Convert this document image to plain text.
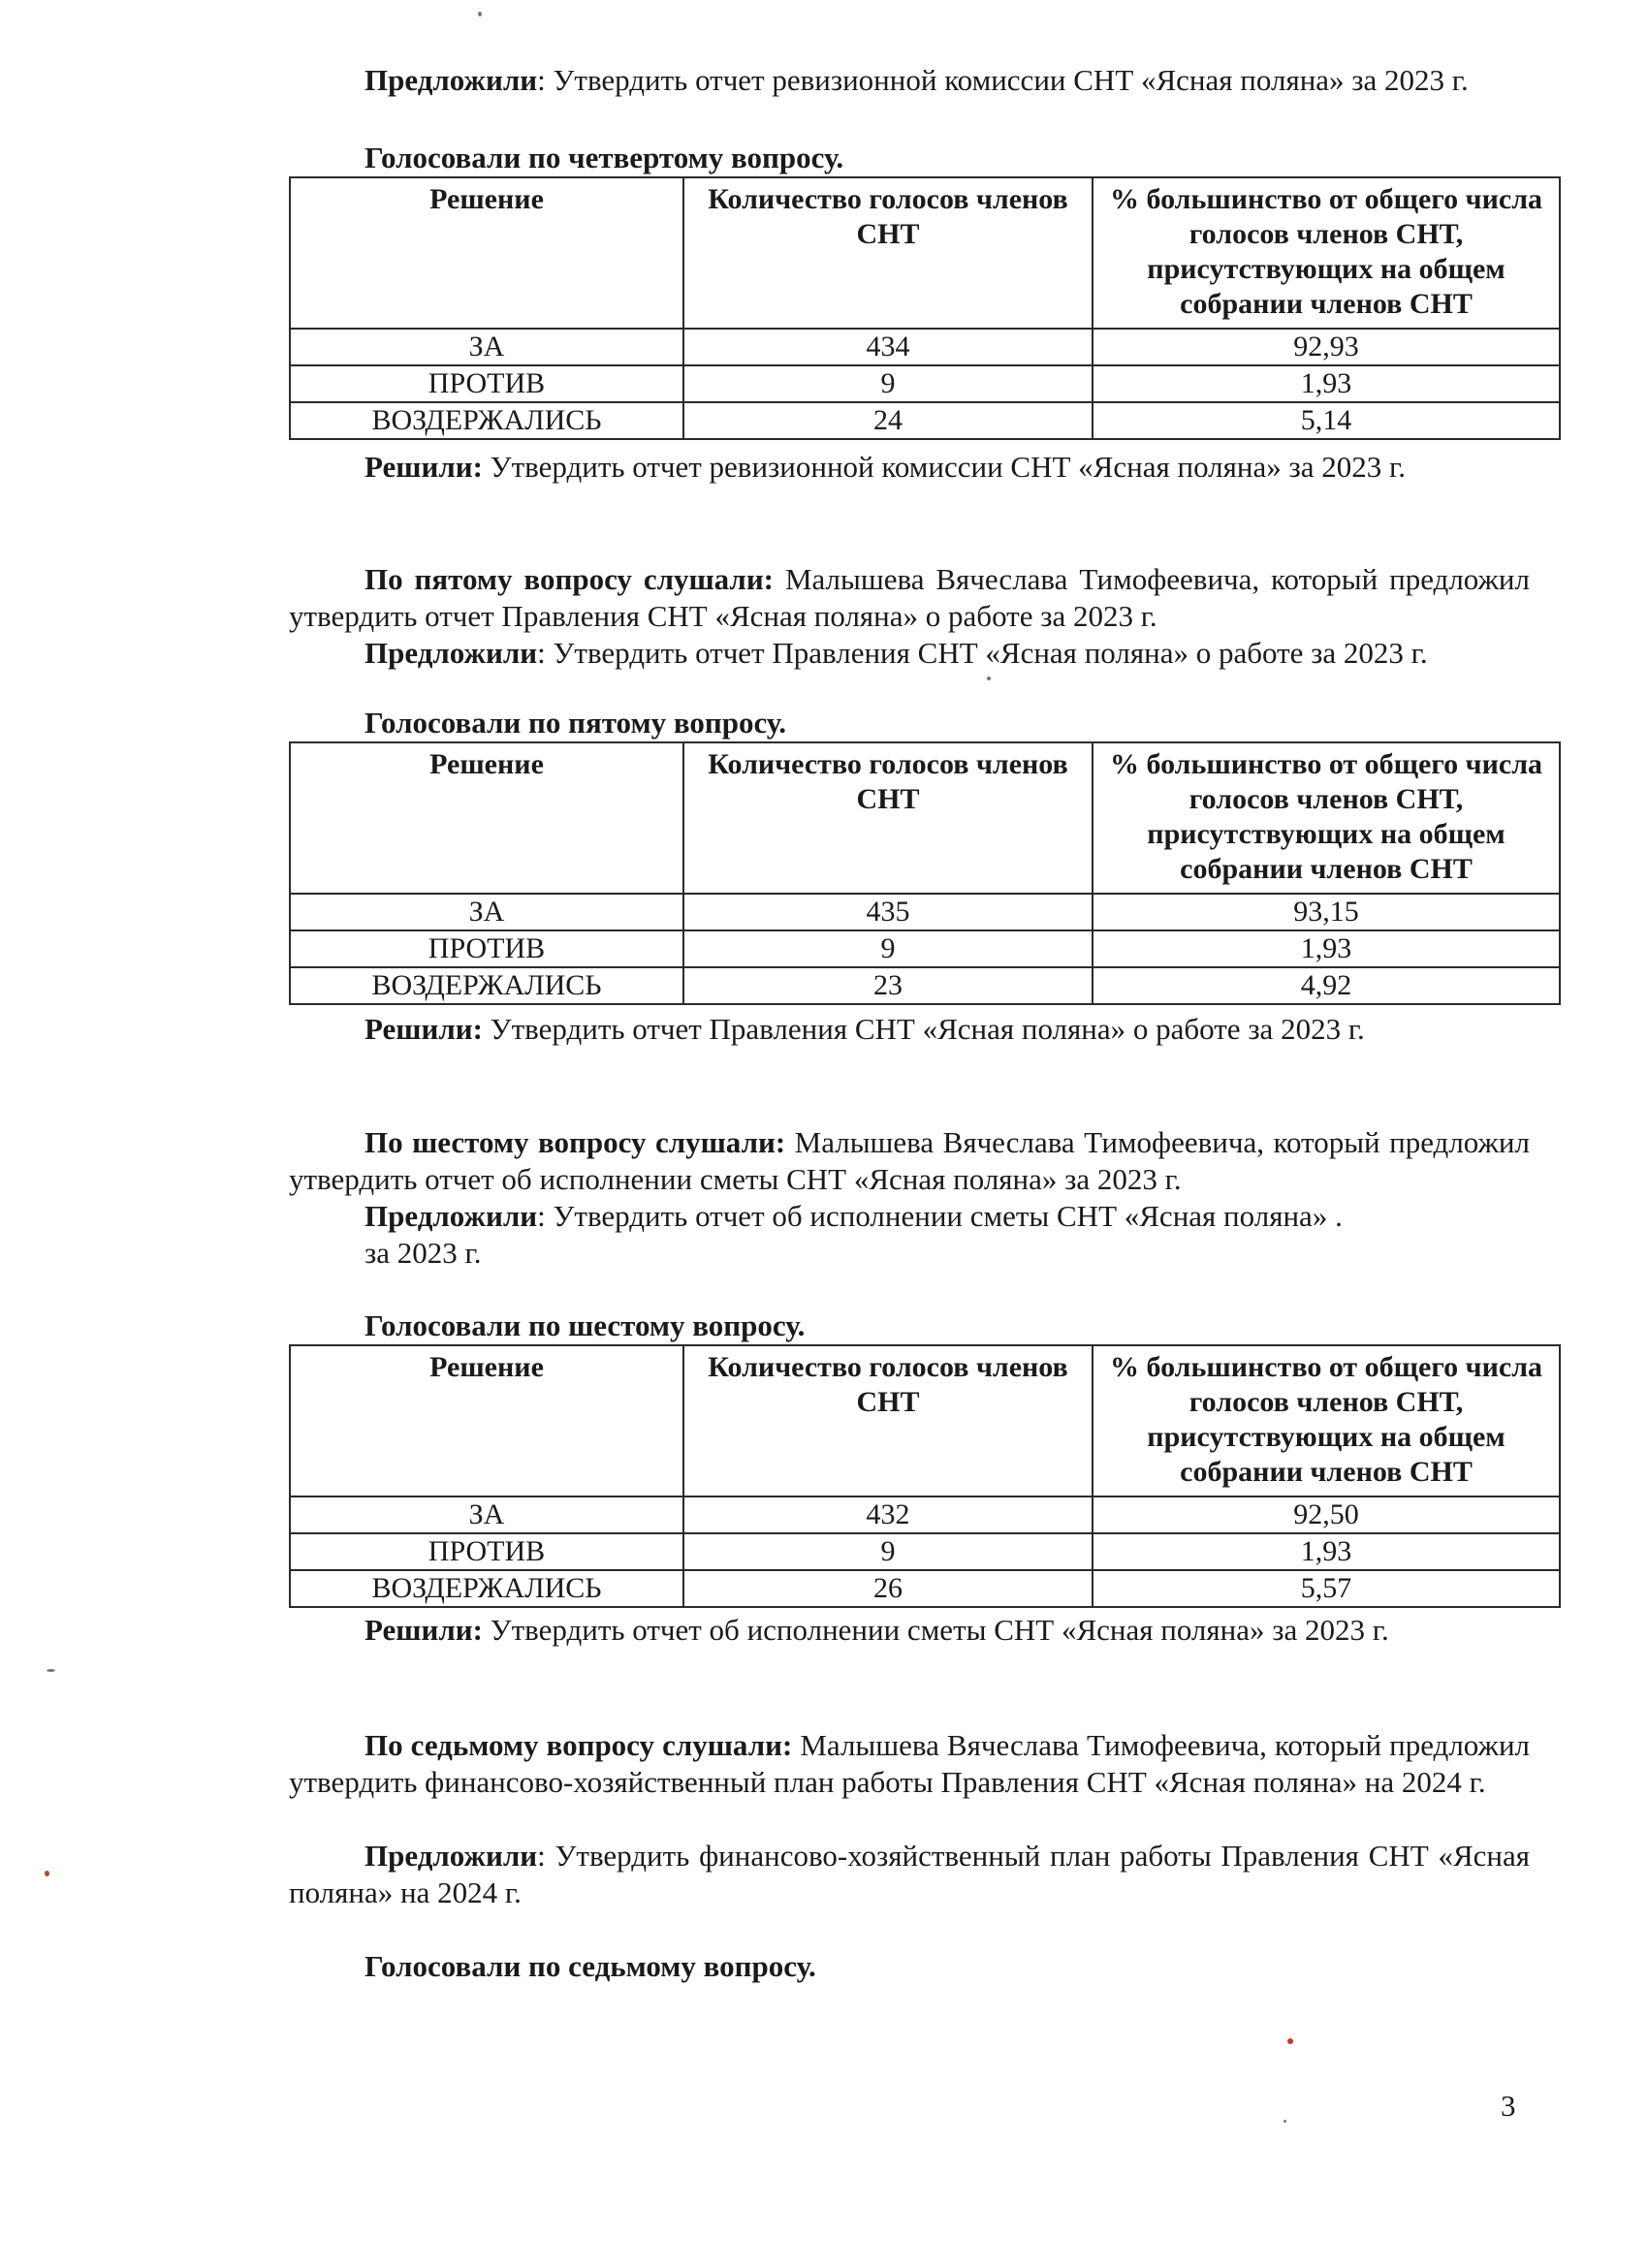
Предложили: Утвердить отчет ревизионной комиссии СНТ «Ясная поляна» за 2023 г.
Голосовали по четвертому вопросу.
Решение	Количество голосов членов СНТ	% большинство от общего числа голосов членов СНТ, присутствующих на общем собрании членов СНТ
ЗА	434	92,93
ПРОТИВ	9	1,93
ВОЗДЕРЖАЛИСЬ	24	5,14
Решили: Утвердить отчет ревизионной комиссии СНТ «Ясная поляна» за 2023 г.
По пятому вопросу слушали: Малышева Вячеслава Тимофеевича, который предложил утвердить отчет Правления СНТ «Ясная поляна» о работе за 2023 г.
Предложили: Утвердить отчет Правления СНТ «Ясная поляна» о работе за 2023 г.
Голосовали по пятому вопросу.
Решение	Количество голосов членов СНТ	% большинство от общего числа голосов членов СНТ, присутствующих на общем собрании членов СНТ
ЗА	435	93,15
ПРОТИВ	9	1,93
ВОЗДЕРЖАЛИСЬ	23	4,92
Решили: Утвердить отчет Правления СНТ «Ясная поляна» о работе за 2023 г.
По шестому вопросу слушали: Малышева Вячеслава Тимофеевича, который предложил утвердить отчет об исполнении сметы СНТ «Ясная поляна» за 2023 г.
Предложили: Утвердить отчет об исполнении сметы СНТ «Ясная поляна» .
за 2023 г.
Голосовали по шестому вопросу.
Решение	Количество голосов членов СНТ	% большинство от общего числа голосов членов СНТ, присутствующих на общем собрании членов СНТ
ЗА	432	92,50
ПРОТИВ	9	1,93
ВОЗДЕРЖАЛИСЬ	26	5,57
Решили: Утвердить отчет об исполнении сметы СНТ «Ясная поляна» за 2023 г.
По седьмому вопросу слушали: Малышева Вячеслава Тимофеевича, который предложил утвердить финансово-хозяйственный план работы Правления СНТ «Ясная поляна» на 2024 г.
Предложили: Утвердить финансово-хозяйственный план работы Правления СНТ «Ясная поляна» на 2024 г.
Голосовали по седьмому вопросу.
3
